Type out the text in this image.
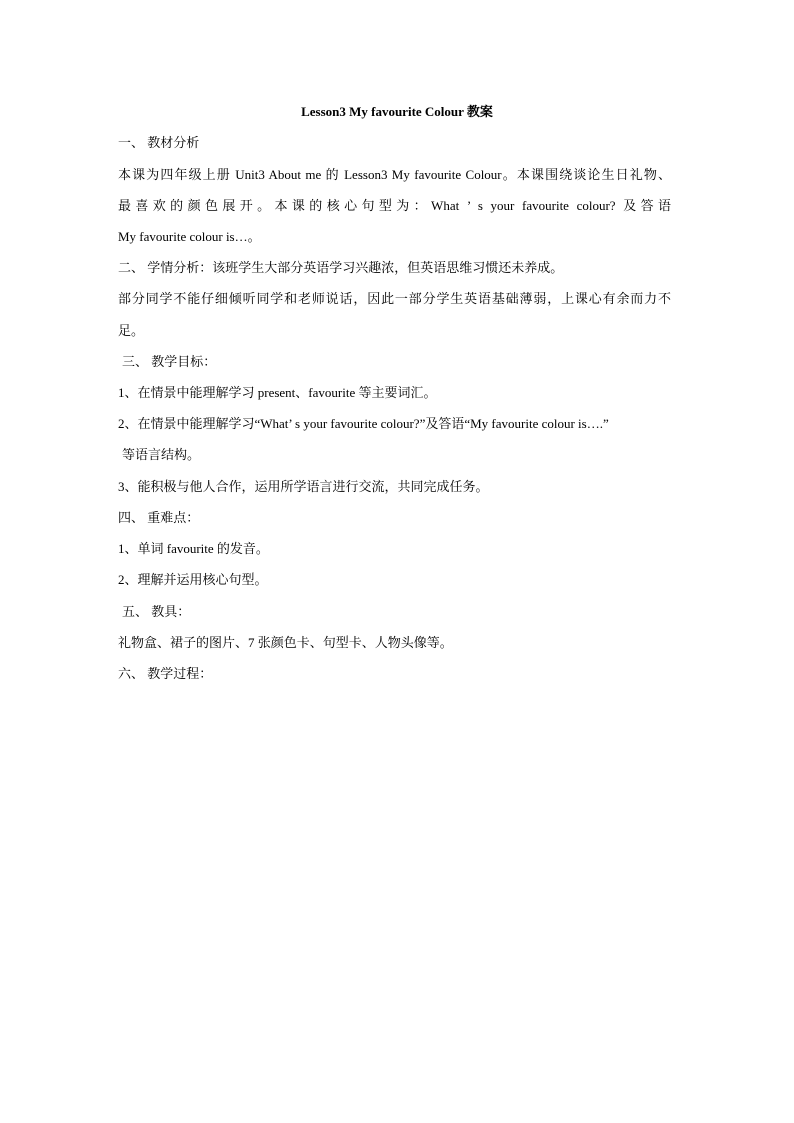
Lesson3 My favourite Colour 教案
一、 教材分析
本课为四年级上册 Unit3 About me 的 Lesson3 My favourite Colour。本课围绕谈论生日礼物、
最喜欢的颜色展开。本课的核心句型为：What ’ s your favourite colour? 及答语
My favourite colour is…。
二、 学情分析：该班学生大部分英语学习兴趣浓，但英语思维习惯还未养成。
部分同学不能仔细倾听同学和老师说话，因此一部分学生英语基础薄弱，上课心有余而力不
足。
三、 教学目标：
1、在情景中能理解学习 present、favourite 等主要词汇。
2、在情景中能理解学习“What’ s your favourite colour?”及答语“My favourite colour is….”
等语言结构。
3、能积极与他人合作，运用所学语言进行交流，共同完成任务。
四、 重难点：
1、单词 favourite 的发音。
2、理解并运用核心句型。
五、 教具：
礼物盒、裙子的图片、7 张颜色卡、句型卡、人物头像等。
六、 教学过程：
